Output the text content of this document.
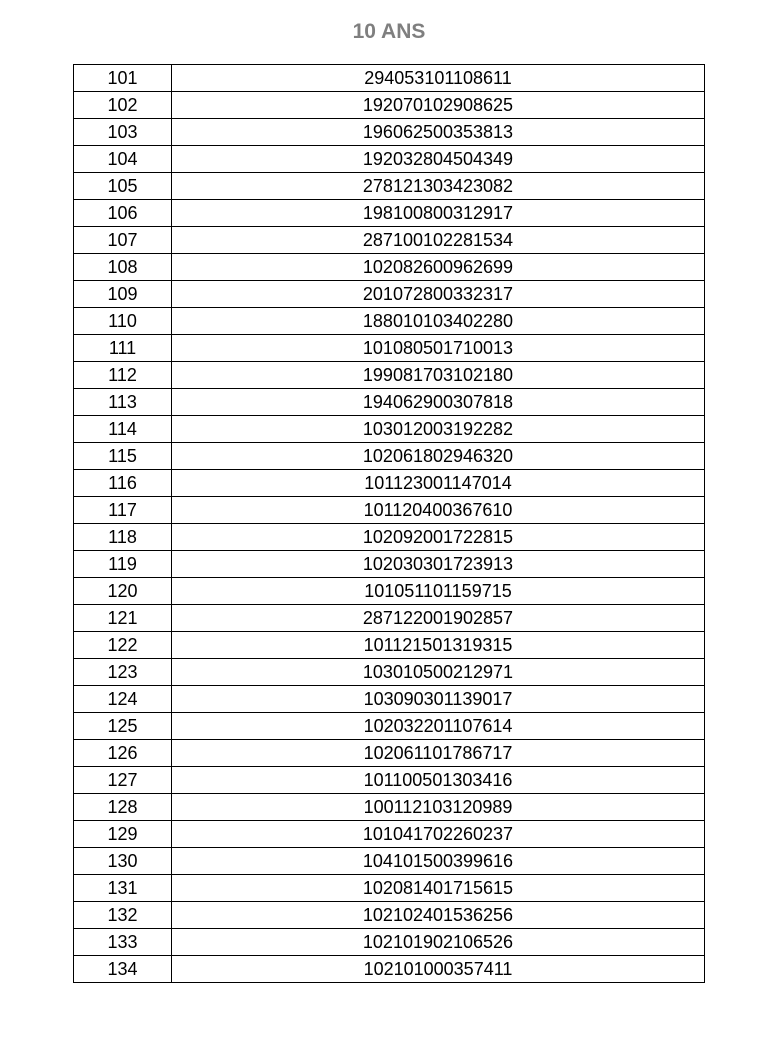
10 ANS
101	294053101108611
102	192070102908625
103	196062500353813
104	192032804504349
105	278121303423082
106	198100800312917
107	287100102281534
108	102082600962699
109	201072800332317
110	188010103402280
111	101080501710013
112	199081703102180
113	194062900307818
114	103012003192282
115	102061802946320
116	101123001147014
117	101120400367610
118	102092001722815
119	102030301723913
120	101051101159715
121	287122001902857
122	101121501319315
123	103010500212971
124	103090301139017
125	102032201107614
126	102061101786717
127	101100501303416
128	100112103120989
129	101041702260237
130	104101500399616
131	102081401715615
132	102102401536256
133	102101902106526
134	102101000357411
